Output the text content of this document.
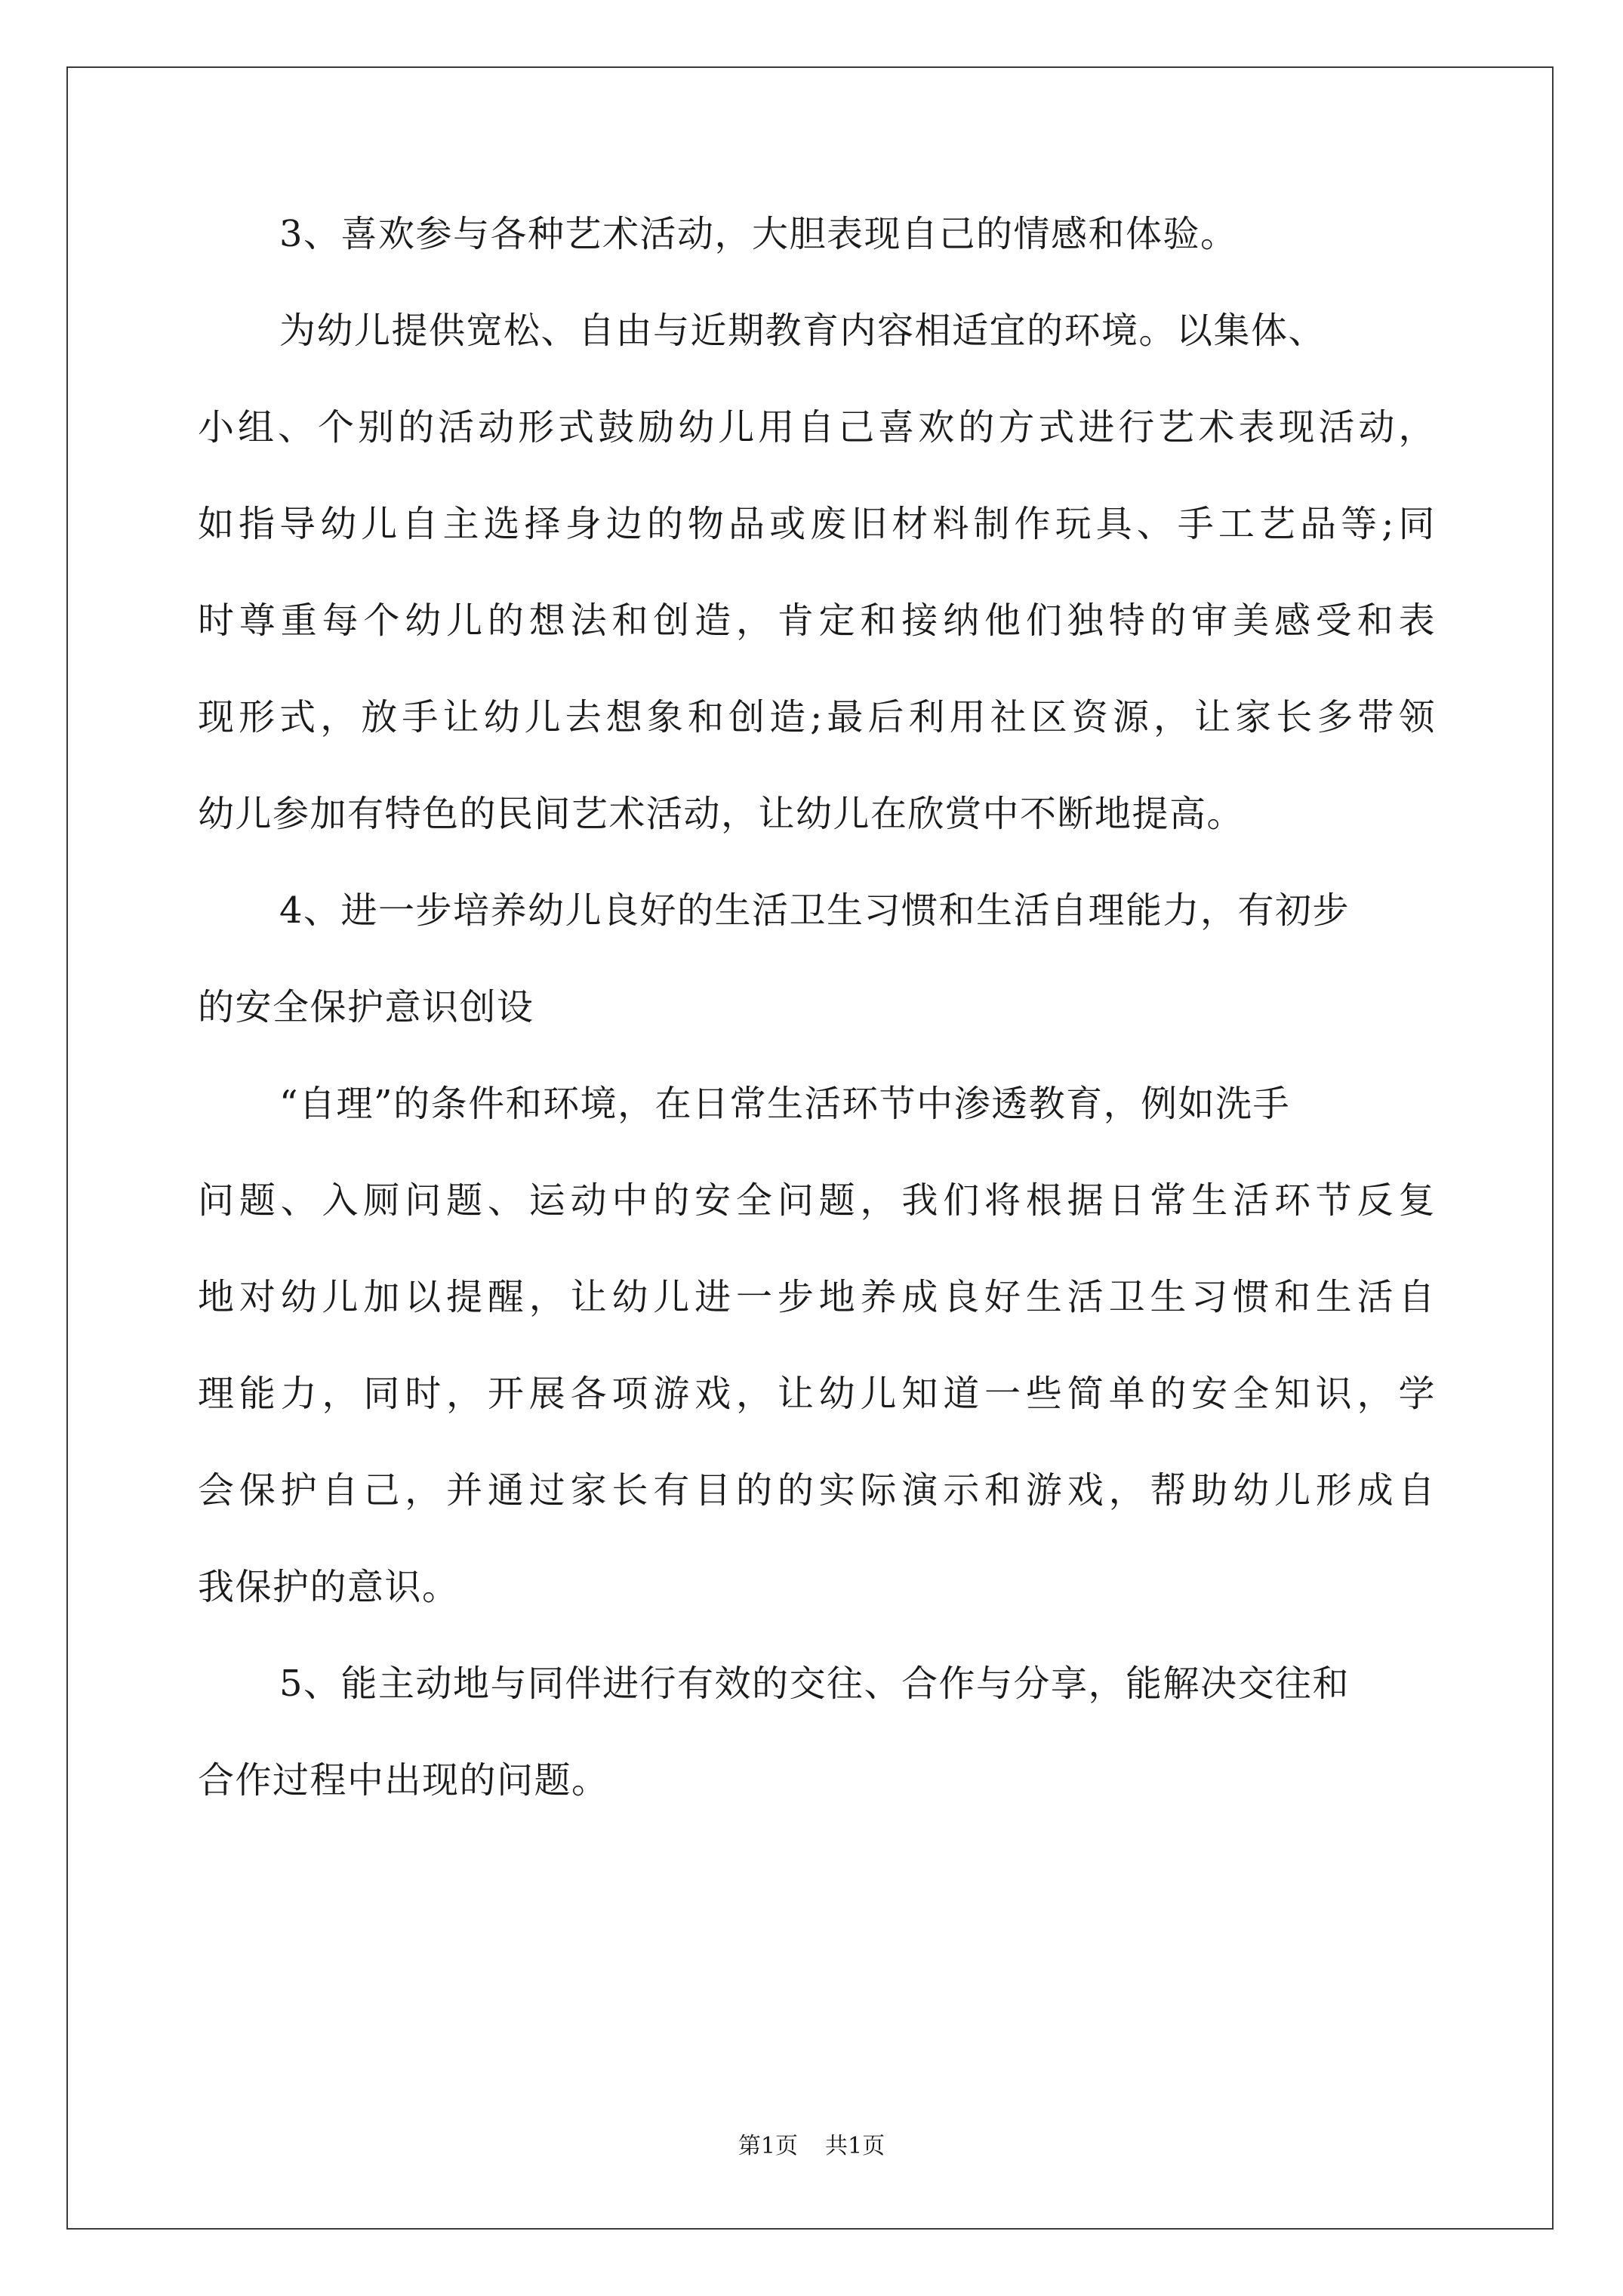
3、喜欢参与各种艺术活动，大胆表现自己的情感和体验。
为幼儿提供宽松、自由与近期教育内容相适宜的环境。以集体、
小组、个别的活动形式鼓励幼儿用自己喜欢的方式进行艺术表现活动，
如指导幼儿自主选择身边的物品或废旧材料制作玩具、手工艺品等;同
时尊重每个幼儿的想法和创造，肯定和接纳他们独特的审美感受和表
现形式，放手让幼儿去想象和创造;最后利用社区资源，让家长多带领
幼儿参加有特色的民间艺术活动，让幼儿在欣赏中不断地提高。
4、进一步培养幼儿良好的生活卫生习惯和生活自理能力，有初步
的安全保护意识创设
“自理”的条件和环境，在日常生活环节中渗透教育，例如洗手
问题、入厕问题、运动中的安全问题，我们将根据日常生活环节反复
地对幼儿加以提醒，让幼儿进一步地养成良好生活卫生习惯和生活自
理能力，同时，开展各项游戏，让幼儿知道一些简单的安全知识，学
会保护自己，并通过家长有目的的实际演示和游戏，帮助幼儿形成自
我保护的意识。
5、能主动地与同伴进行有效的交往、合作与分享，能解决交往和
合作过程中出现的问题。
第1页 共1页
